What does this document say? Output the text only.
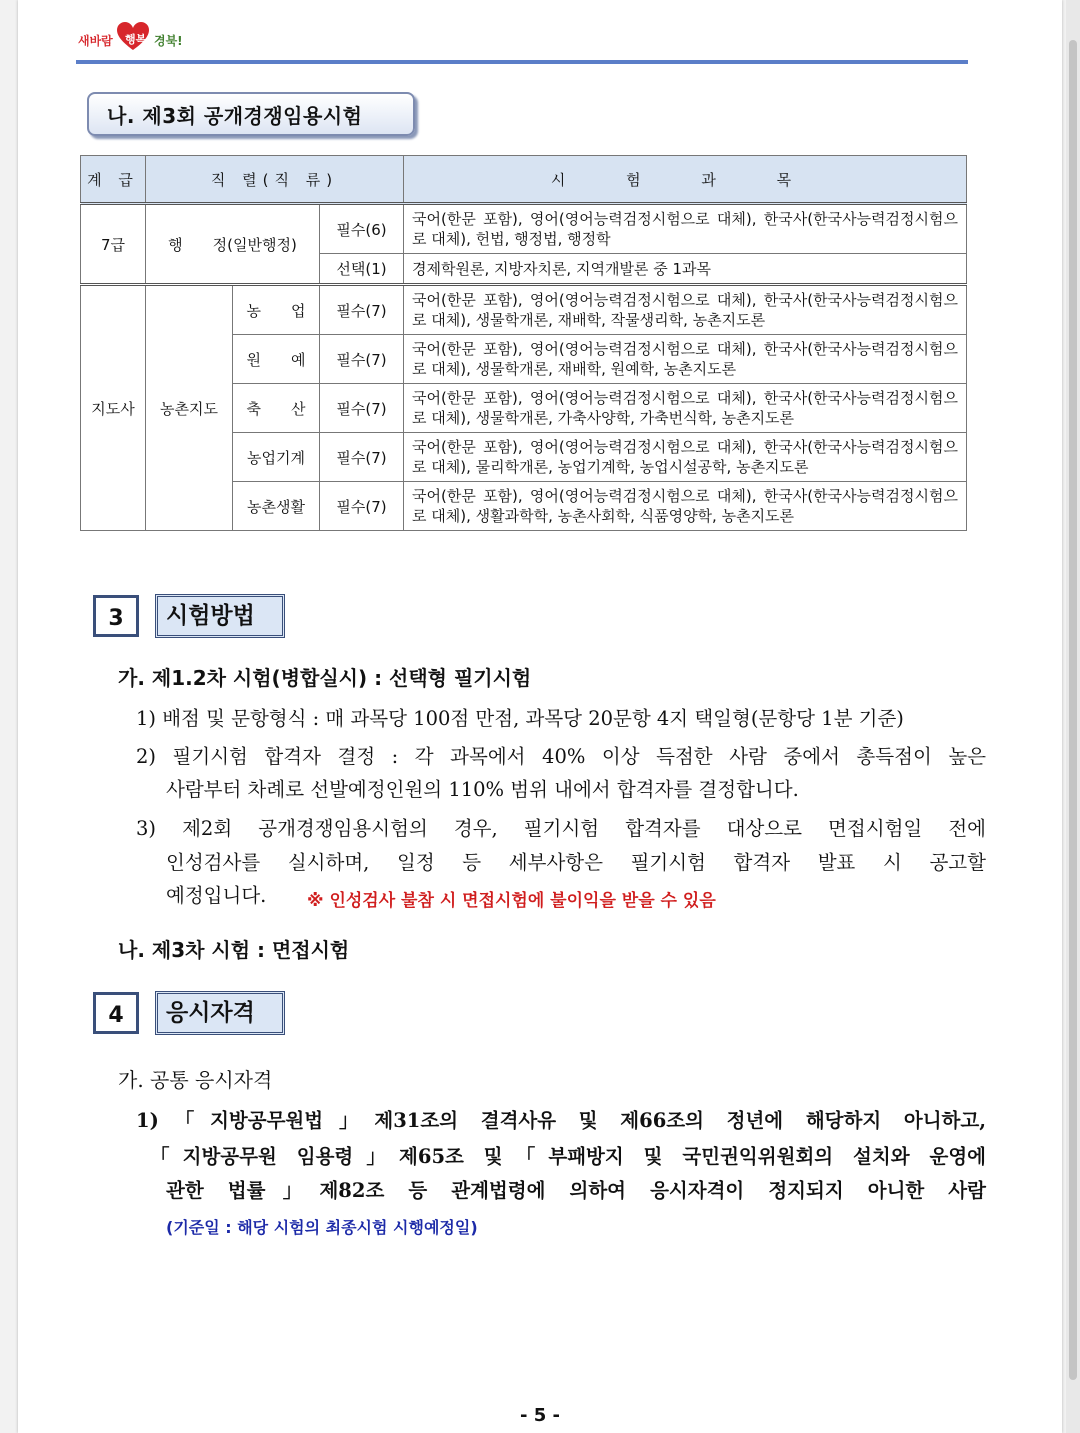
새바람 행복 경북!
나. 제3회 공개경쟁임용시험
계 급	직 렬(직 류)			시 험 과 목
7급	행　　정(일반행정)		필수(6)	국어(한문 포함), 영어(영어능력검정시험으로 대체), 한국사(한국사능력검정시험으로 대체), 헌법, 행정법, 행정학
			선택(1)	경제학원론, 지방자치론, 지역개발론 중 1과목
지도사	농촌지도	농　　업	필수(7)	국어(한문 포함), 영어(영어능력검정시험으로 대체), 한국사(한국사능력검정시험으로 대체), 생물학개론, 재배학, 작물생리학, 농촌지도론
		원　　예	필수(7)	국어(한문 포함), 영어(영어능력검정시험으로 대체), 한국사(한국사능력검정시험으로 대체), 생물학개론, 재배학, 원예학, 농촌지도론
		축　　산	필수(7)	국어(한문 포함), 영어(영어능력검정시험으로 대체), 한국사(한국사능력검정시험으로 대체), 생물학개론, 가축사양학, 가축번식학, 농촌지도론
		농업기계	필수(7)	국어(한문 포함), 영어(영어능력검정시험으로 대체), 한국사(한국사능력검정시험으로 대체), 물리학개론, 농업기계학, 농업시설공학, 농촌지도론
		농촌생활	필수(7)	국어(한문 포함), 영어(영어능력검정시험으로 대체), 한국사(한국사능력검정시험으로 대체), 생활과학학, 농촌사회학, 식품영양학, 농촌지도론
3	시험방법
가. 제1.2차 시험(병합실시) : 선택형 필기시험
1) 배점 및 문항형식 : 매 과목당 100점 만점, 과목당 20문항 4지 택일형(문항당 1분 기준)
2) 필기시험 합격자 결정 : 각 과목에서 40% 이상 득점한 사람 중에서 총득점이 높은
사람부터 차례로 선발예정인원의 110% 범위 내에서 합격자를 결정합니다.
3) 제2회 공개경쟁임용시험의 경우, 필기시험 합격자를 대상으로 면접시험일 전에
인성검사를 실시하며, 일정 등 세부사항은 필기시험 합격자 발표 시 공고할
예정입니다.	※ 인성검사 불참 시 면접시험에 불이익을 받을 수 있음
나. 제3차 시험 : 면접시험
4	응시자격
가. 공통 응시자격
1)「지방공무원법」제31조의 결격사유 및 제66조의 정년에 해당하지 아니하고,
「지방공무원 임용령」제65조 및「부패방지 및 국민권익위원회의 설치와 운영에
관한 법률」제82조 등 관계법령에 의하여 응시자격이 정지되지 아니한 사람
(기준일 : 해당 시험의 최종시험 시행예정일)
- 5 -
